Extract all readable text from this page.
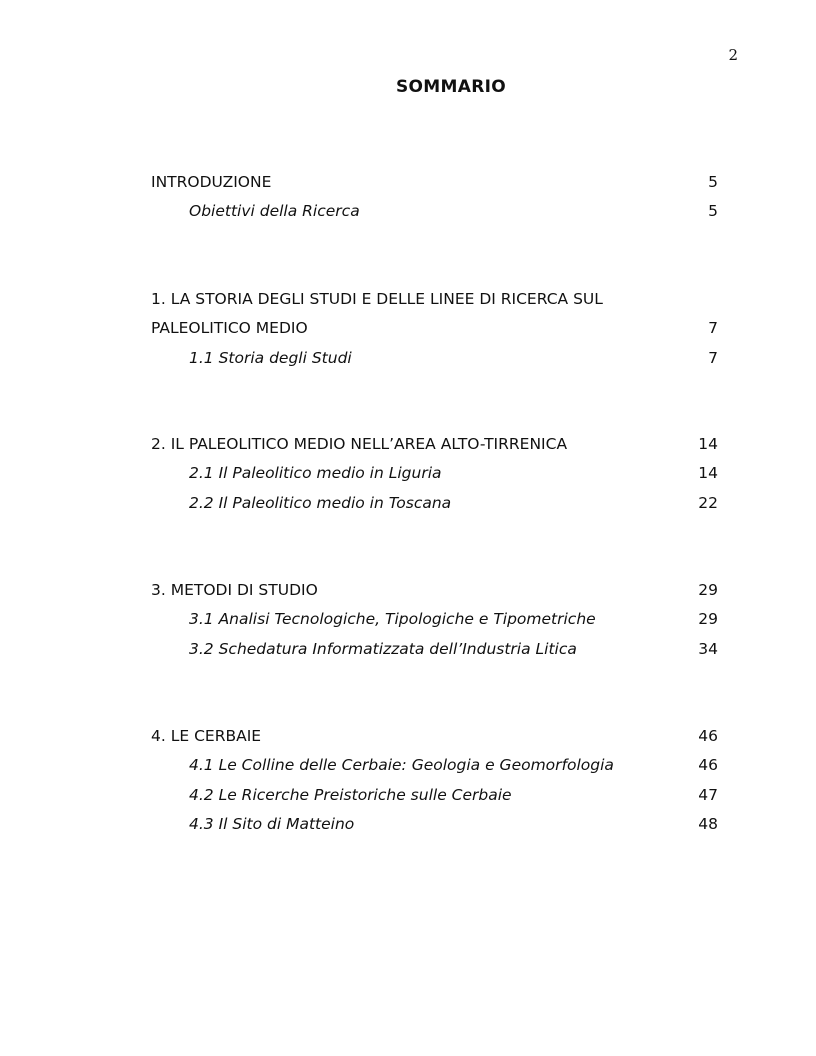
2
SOMMARIO
INTRODUZIONE	5
Obiettivi della Ricerca	5
1. LA STORIA DEGLI STUDI E DELLE LINEE DI RICERCA SUL
PALEOLITICO MEDIO	7
1.1 Storia degli Studi	7
2. IL PALEOLITICO MEDIO NELL’AREA ALTO-TIRRENICA	14
2.1 Il Paleolitico medio in Liguria	14
2.2 Il Paleolitico medio in Toscana	22
3. METODI DI STUDIO	29
3.1 Analisi Tecnologiche, Tipologiche e Tipometriche	29
3.2 Schedatura Informatizzata dell’Industria Litica	34
4. LE CERBAIE	46
4.1 Le Colline delle Cerbaie: Geologia e Geomorfologia	46
4.2 Le Ricerche Preistoriche sulle Cerbaie	47
4.3 Il Sito di Matteino	48
